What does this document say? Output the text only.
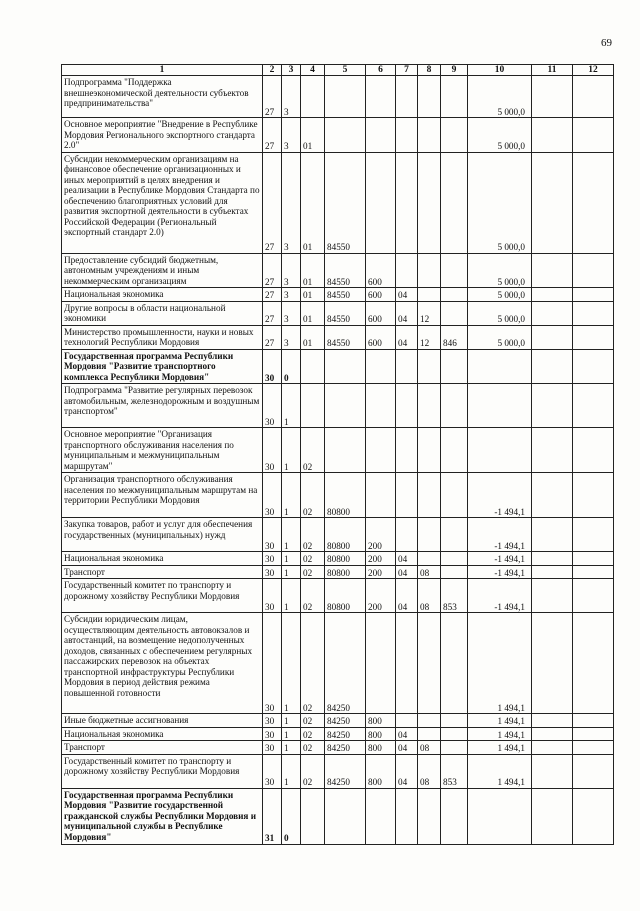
69
1	2	3	4	5	6	7	8	9	10	11	12
Подпрограмма "Поддержка внешнеэкономической деятельности субъектов предпринимательства"	27	3							5 000,0		
Основное мероприятие "Внедрение в Республике Мордовия Регионального экспортного стандарта 2.0"	27	3	01						5 000,0		
Субсидии некоммерческим организациям на финансовое обеспечение организационных и иных мероприятий в целях внедрения и реализации в Республике Мордовия Стандарта по обеспечению благоприятных условий для развития экспортной деятельности в субъектах Российской Федерации (Региональный экспортный стандарт 2.0)	27	3	01	84550					5 000,0		
Предоставление субсидий бюджетным, автономным учреждениям и иным некоммерческим организациям	27	3	01	84550	600				5 000,0		
Национальная экономика	27	3	01	84550	600	04			5 000,0		
Другие вопросы в области национальной экономики	27	3	01	84550	600	04	12		5 000,0		
Министерство промышленности, науки и новых технологий Республики Мордовия	27	3	01	84550	600	04	12	846	5 000,0		
Государственная программа Республики Мордовия "Развитие транспортного комплекса Республики Мордовия"	30	0									
Подпрограмма "Развитие регулярных перевозок автомобильным, железнодорожным и воздушным транспортом"	30	1									
Основное мероприятие "Организация транспортного обслуживания населения по муниципальным и межмуниципальным маршрутам"	30	1	02								
Организация транспортного обслуживания населения по межмуниципальным маршрутам на территории Республики Мордовия	30	1	02	80800					-1 494,1		
Закупка товаров, работ и услуг для обеспечения государственных (муниципальных) нужд	30	1	02	80800	200				-1 494,1		
Национальная экономика	30	1	02	80800	200	04			-1 494,1		
Транспорт	30	1	02	80800	200	04	08		-1 494,1		
Государственный комитет по транспорту и дорожному хозяйству Республики Мордовия	30	1	02	80800	200	04	08	853	-1 494,1		
Субсидии юридическим лицам, осуществляющим деятельность автовокзалов и автостанций, на возмещение недополученных доходов, связанных с обеспечением регулярных пассажирских перевозок на объектах транспортной инфраструктуры Республики Мордовия в период действия режима повышенной готовности	30	1	02	84250					1 494,1		
Иные бюджетные ассигнования	30	1	02	84250	800				1 494,1		
Национальная экономика	30	1	02	84250	800	04			1 494,1		
Транспорт	30	1	02	84250	800	04	08		1 494,1		
Государственный комитет по транспорту и дорожному хозяйству Республики Мордовия	30	1	02	84250	800	04	08	853	1 494,1		
Государственная программа Республики Мордовия "Развитие государственной гражданской службы Республики Мордовия и муниципальной службы в Республике Мордовия"	31	0									
